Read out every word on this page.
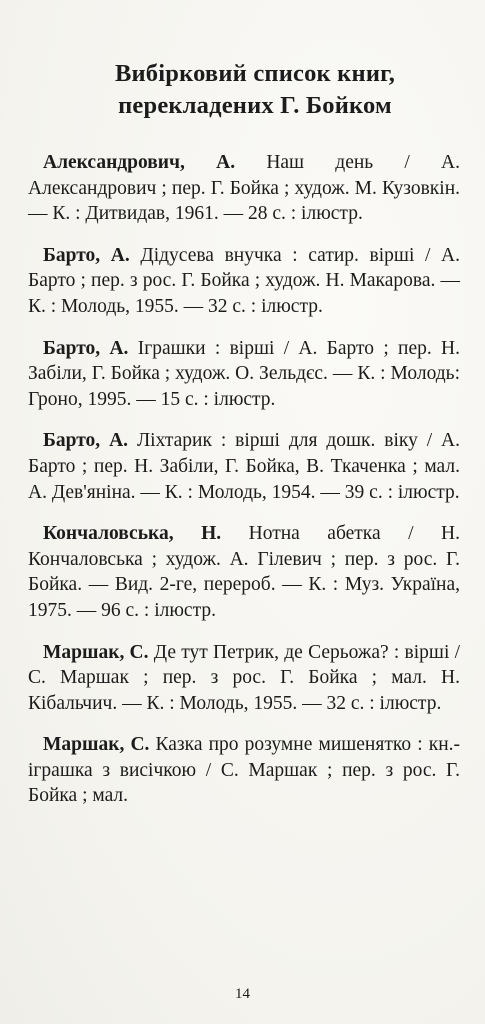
Вибірковий список книг,
перекладених Г. Бойком

Александрович, А. Наш день / А. Александрович ; пер. Г. Бойка ; худож. М. Кузовкін. — К. : Дитвидав, 1961. — 28 с. : ілюстр.

Барто, А. Дідусева внучка : сатир. вірші / А. Барто ; пер. з рос. Г. Бойка ; худож. Н. Макарова. — К. : Молодь, 1955. — 32 с. : ілюстр.

Барто, А. Іграшки : вірші / А. Барто ; пер. Н. Забіли, Г. Бойка ; худож. О. Зельдєс. — К. : Молодь: Гроно, 1995. — 15 с. : ілюстр.

Барто, А. Ліхтарик : вірші для дошк. віку / А. Барто ; пер. Н. Забіли, Г. Бойка, В. Ткаченка ; мал. А. Дев'яніна. — К. : Молодь, 1954. — 39 с. : ілюстр.

Кончаловська, Н. Нотна абетка / Н. Кончаловська ; худож. А. Гілевич ; пер. з рос. Г. Бойка. — Вид. 2-ге, перероб. — К. : Муз. Україна, 1975. — 96 с. : ілюстр.

Маршак, С. Де тут Петрик, де Серьожа? : вірші / С. Маршак ; пер. з рос. Г. Бойка ; мал. Н. Кібальчич. — К. : Молодь, 1955. — 32 с. : ілюстр.

Маршак, С. Казка про розумне мишенятко : кн.-іграшка з висічкою / С. Маршак ; пер. з рос. Г. Бойка ; мал.

14
